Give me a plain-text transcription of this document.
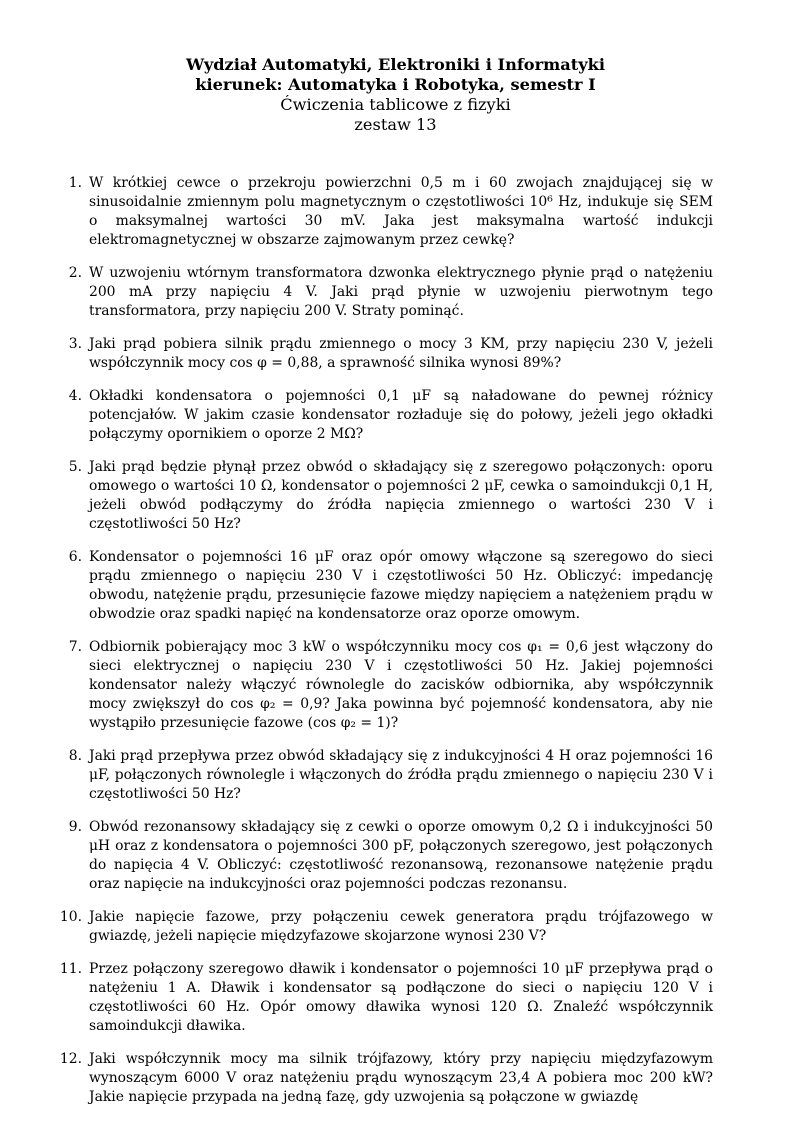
Wydział Automatyki, Elektroniki i Informatyki
kierunek: Automatyka i Robotyka, semestr I
Ćwiczenia tablicowe z fizyki
zestaw 13
1. W krótkiej cewce o przekroju powierzchni 0,5 m i 60 zwojach znajdującej się w sinusoidalnie zmiennym polu magnetycznym o częstotliwości 10⁶ Hz, indukuje się SEM o maksymalnej wartości 30 mV. Jaka jest maksymalna wartość indukcji elektromagnetycznej w obszarze zajmowanym przez cewkę?
2. W uzwojeniu wtórnym transformatora dzwonka elektrycznego płynie prąd o natężeniu 200 mA przy napięciu 4 V. Jaki prąd płynie w uzwojeniu pierwotnym tego transformatora, przy napięciu 200 V. Straty pominąć.
3. Jaki prąd pobiera silnik prądu zmiennego o mocy 3 KM, przy napięciu 230 V, jeżeli współczynnik mocy cos φ = 0,88, a sprawność silnika wynosi 89%?
4. Okładki kondensatora o pojemności 0,1 μF są naładowane do pewnej różnicy potencjałów. W jakim czasie kondensator rozładuje się do połowy, jeżeli jego okładki połączymy opornikiem o oporze 2 MΩ?
5. Jaki prąd będzie płynął przez obwód o składający się z szeregowo połączonych: oporu omowego o wartości 10 Ω, kondensator o pojemności 2 μF, cewka o samoindukcji 0,1 H, jeżeli obwód podłączymy do źródła napięcia zmiennego o wartości 230 V i częstotliwości 50 Hz?
6. Kondensator o pojemności 16 μF oraz opór omowy włączone są szeregowo do sieci prądu zmiennego o napięciu 230 V i częstotliwości 50 Hz. Obliczyć: impedancję obwodu, natężenie prądu, przesunięcie fazowe między napięciem a natężeniem prądu w obwodzie oraz spadki napięć na kondensatorze oraz oporze omowym.
7. Odbiornik pobierający moc 3 kW o współczynniku mocy cos φ₁ = 0,6 jest włączony do sieci elektrycznej o napięciu 230 V i częstotliwości 50 Hz. Jakiej pojemności kondensator należy włączyć równolegle do zacisków odbiornika, aby współczynnik mocy zwiększył do cos φ₂ = 0,9? Jaka powinna być pojemność kondensatora, aby nie wystąpiło przesunięcie fazowe (cos φ₂ = 1)?
8. Jaki prąd przepływa przez obwód składający się z indukcyjności 4 H oraz pojemności 16 μF, połączonych równolegle i włączonych do źródła prądu zmiennego o napięciu 230 V i częstotliwości 50 Hz?
9. Obwód rezonansowy składający się z cewki o oporze omowym 0,2 Ω i indukcyjności 50 μH oraz z kondensatora o pojemności 300 pF, połączonych szeregowo, jest połączonych do napięcia 4 V. Obliczyć: częstotliwość rezonansową, rezonansowe natężenie prądu oraz napięcie na indukcyjności oraz pojemności podczas rezonansu.
10. Jakie napięcie fazowe, przy połączeniu cewek generatora prądu trójfazowego w gwiazdę, jeżeli napięcie międzyfazowe skojarzone wynosi 230 V?
11. Przez połączony szeregowo dławik i kondensator o pojemności 10 μF przepływa prąd o natężeniu 1 A. Dławik i kondensator są podłączone do sieci o napięciu 120 V i częstotliwości 60 Hz. Opór omowy dławika wynosi 120 Ω. Znaleźć współczynnik samoindukcji dławika.
12. Jaki współczynnik mocy ma silnik trójfazowy, który przy napięciu międzyfazowym wynoszącym 6000 V oraz natężeniu prądu wynoszącym 23,4 A pobiera moc 200 kW? Jakie napięcie przypada na jedną fazę, gdy uzwojenia są połączone w gwiazdę
